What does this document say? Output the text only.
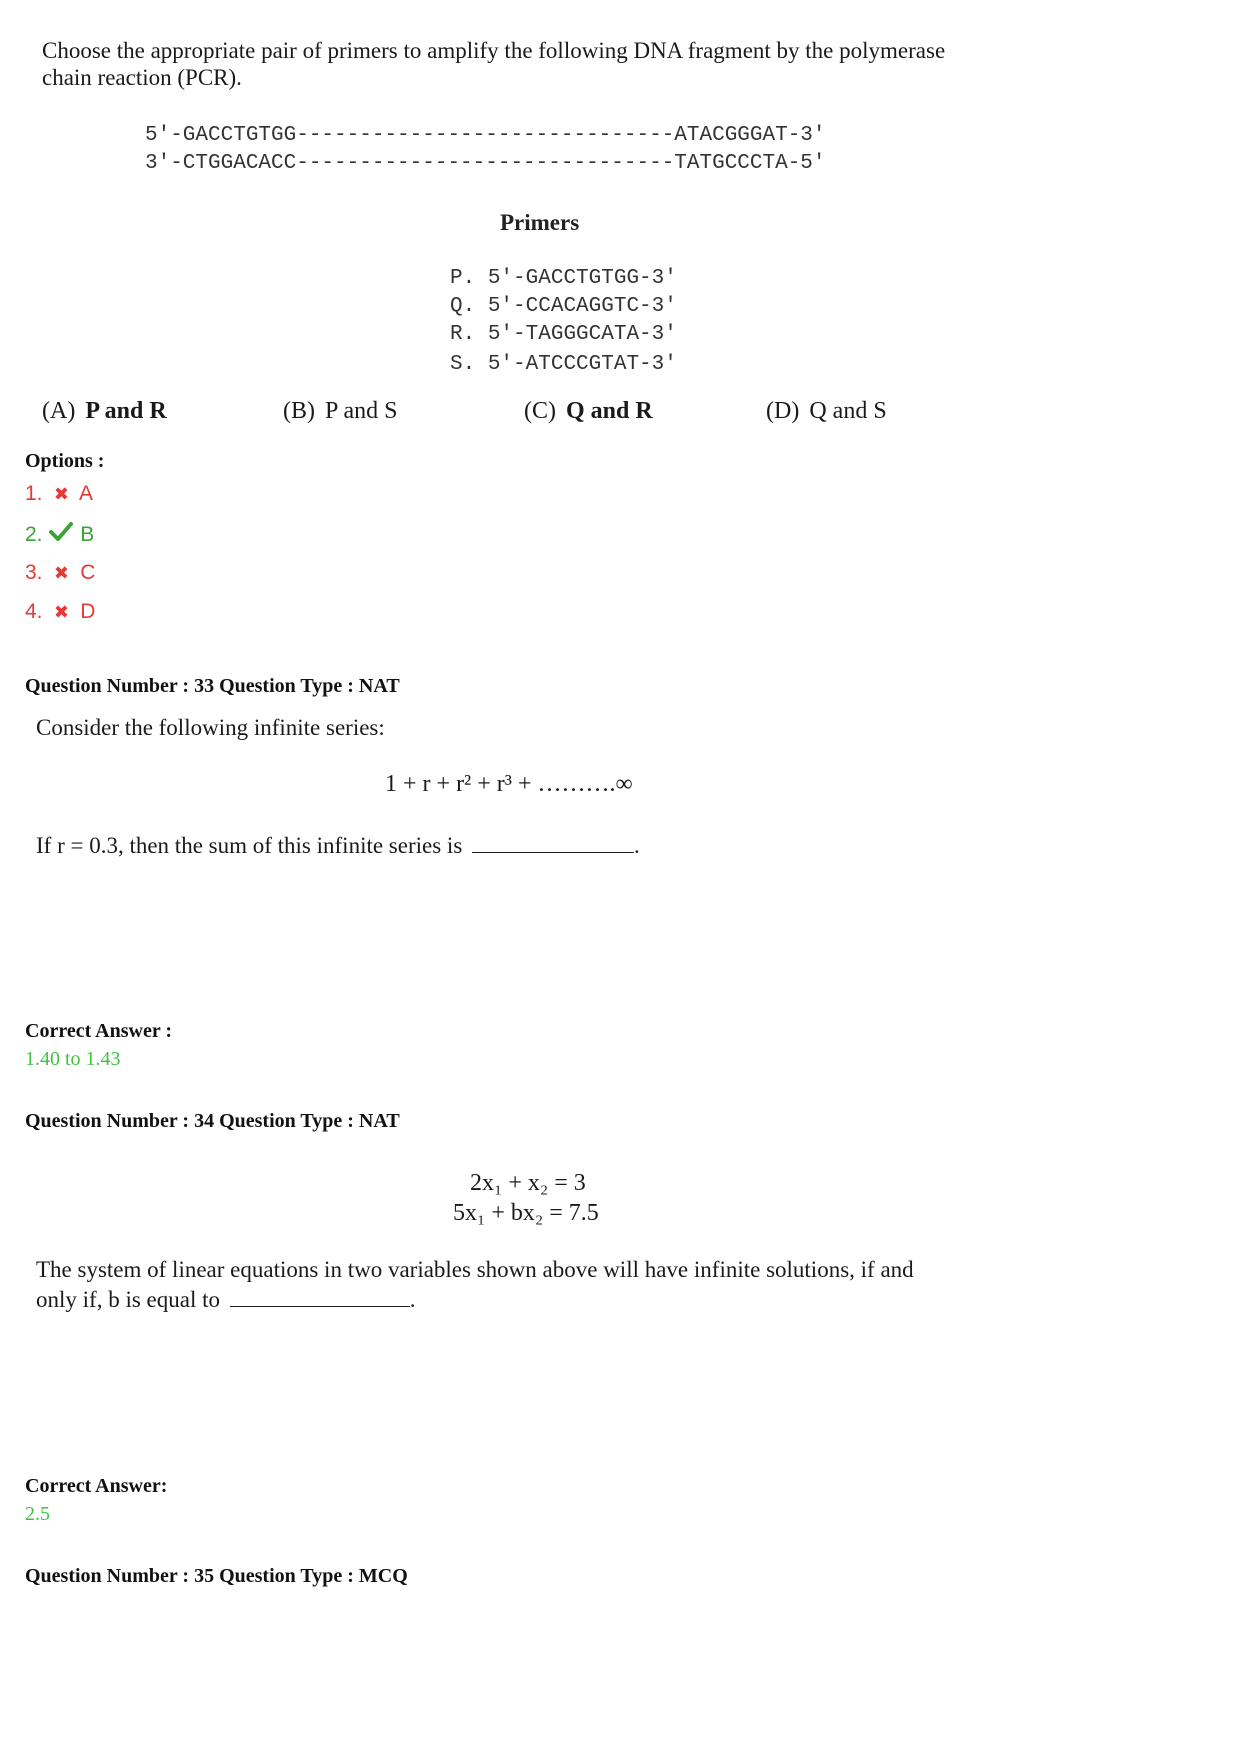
Choose the appropriate pair of primers to amplify the following DNA fragment by the polymerase
chain reaction (PCR).
5′-GACCTGTGG------------------------------ATACGGGAT-3′
3′-CTGGACACC------------------------------TATGCCCTA-5′
Primers
P. 5′-GACCTGTGG-3′
Q. 5′-CCACAGGTC-3′
R. 5′-TAGGGCATA-3′
S. 5′-ATCCCGTAT-3′
(A) P and R	(B) P and S	(C) Q and R	(D) Q and S
Options :
1. ✖ A
2. B
3. ✖ C
4. ✖ D
Question Number : 33 Question Type : NAT
Consider the following infinite series:
1 + r + r² + r³ + ……….∞
If r = 0.3, then the sum of this infinite series is	.
Correct Answer :
1.40 to 1.43
Question Number : 34 Question Type : NAT
2x₁ + x₂ = 3
5x₁ + bx₂ = 7.5
The system of linear equations in two variables shown above will have infinite solutions, if and
only if, b is equal to	.
Correct Answer:
2.5
Question Number : 35 Question Type : MCQ
